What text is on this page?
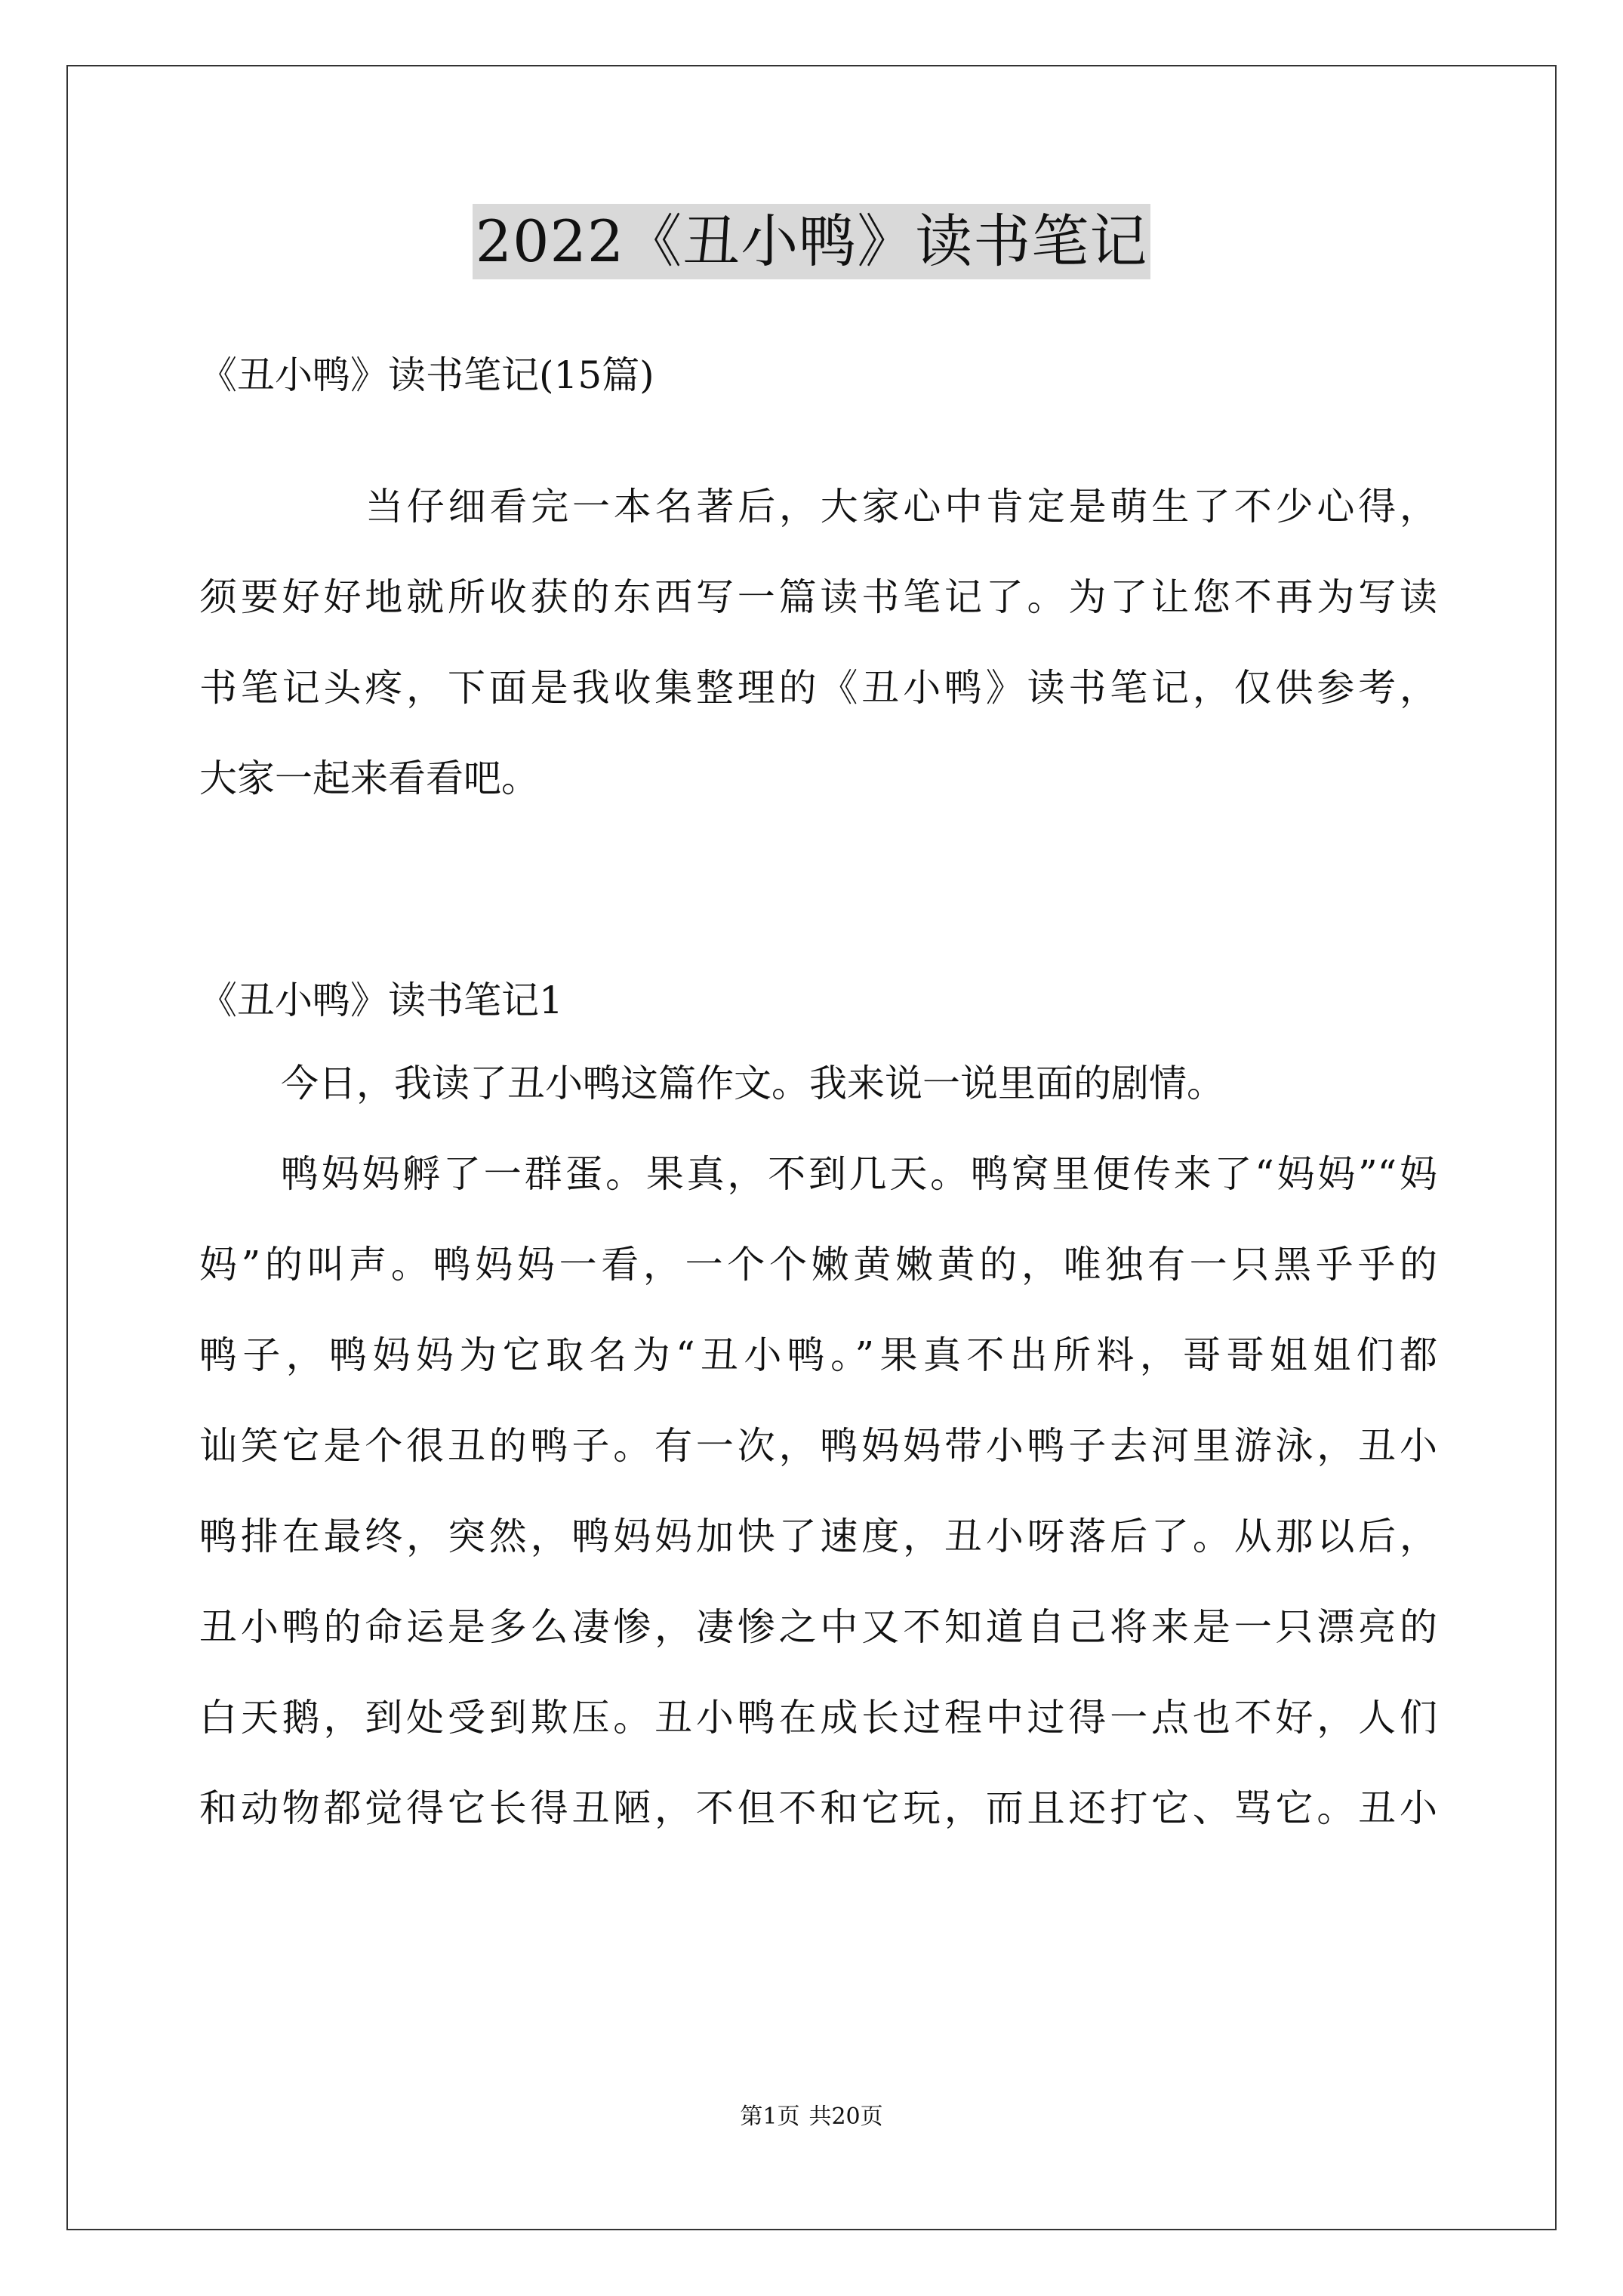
2022《丑小鸭》读书笔记
《丑小鸭》读书笔记(15篇)
当仔细看完一本名著后，大家心中肯定是萌生了不少心得，
须要好好地就所收获的东西写一篇读书笔记了。为了让您不再为写读
书笔记头疼，下面是我收集整理的《丑小鸭》读书笔记，仅供参考，
大家一起来看看吧。
《丑小鸭》读书笔记1
今日，我读了丑小鸭这篇作文。我来说一说里面的剧情。
鸭妈妈孵了一群蛋。果真，不到几天。鸭窝里便传来了“妈妈”“妈
妈”的叫声。鸭妈妈一看，一个个嫩黄嫩黄的，唯独有一只黑乎乎的
鸭子，鸭妈妈为它取名为“丑小鸭。”果真不出所料，哥哥姐姐们都
讪笑它是个很丑的鸭子。有一次，鸭妈妈带小鸭子去河里游泳，丑小
鸭排在最终，突然，鸭妈妈加快了速度，丑小呀落后了。从那以后，
丑小鸭的命运是多么凄惨，凄惨之中又不知道自己将来是一只漂亮的
白天鹅，到处受到欺压。丑小鸭在成长过程中过得一点也不好，人们
和动物都觉得它长得丑陋，不但不和它玩，而且还打它、骂它。丑小
第1页 共20页
